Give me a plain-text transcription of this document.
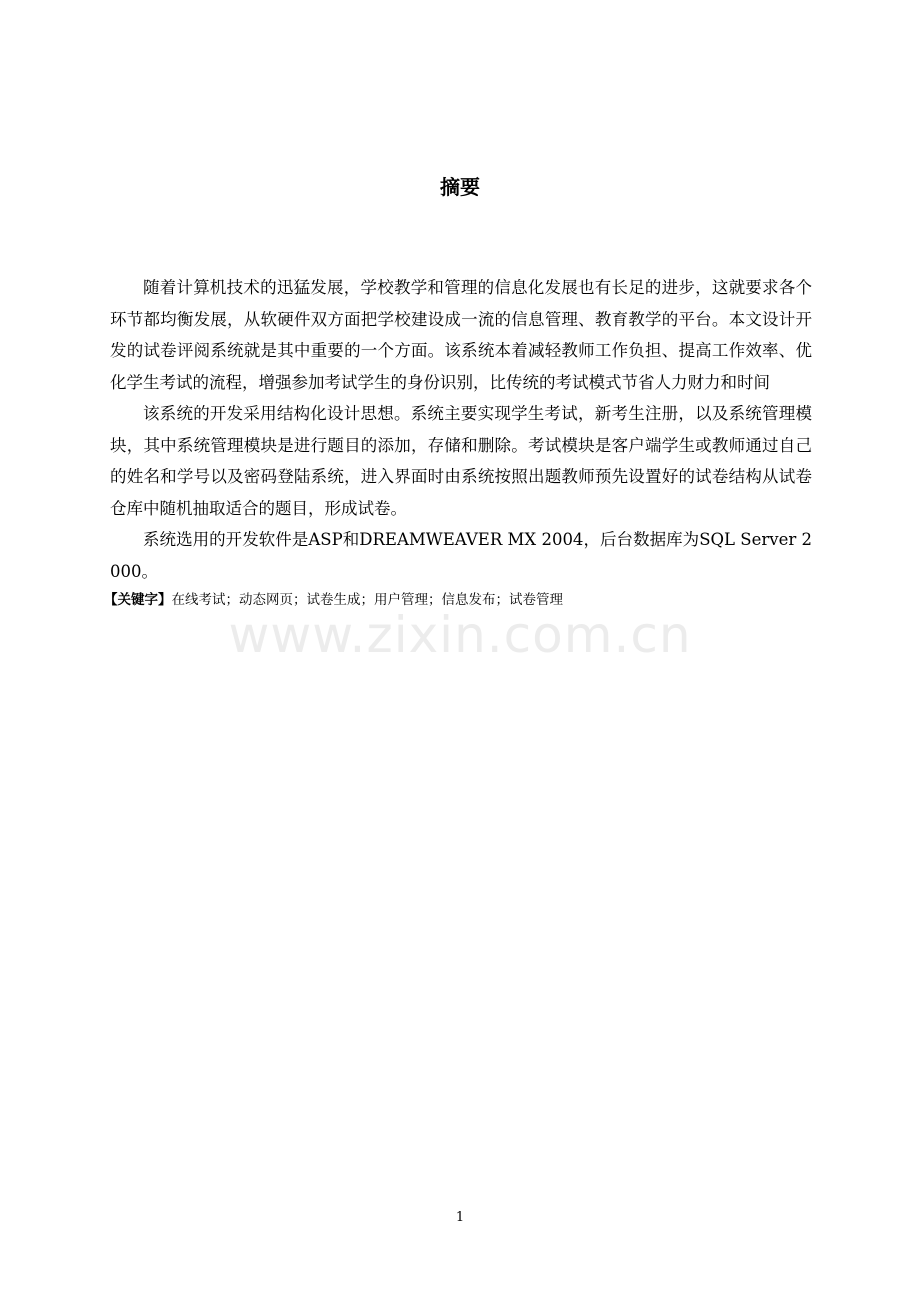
www.zixin.com.cn
摘要

随着计算机技术的迅猛发展，学校教学和管理的信息化发展也有长足的进步，这就要求各个环节都均衡发展，从软硬件双方面把学校建设成一流的信息管理、教育教学的平台。本文设计开发的试卷评阅系统就是其中重要的一个方面。该系统本着减轻教师工作负担、提高工作效率、优化学生考试的流程，增强参加考试学生的身份识别，比传统的考试模式节省人力财力和时间

该系统的开发采用结构化设计思想。系统主要实现学生考试，新考生注册，以及系统管理模块，其中系统管理模块是进行题目的添加，存储和删除。考试模块是客户端学生或教师通过自己的姓名和学号以及密码登陆系统，进入界面时由系统按照出题教师预先设置好的试卷结构从试卷仓库中随机抽取适合的题目，形成试卷。

系统选用的开发软件是ASP和DREAMWEAVER MX 2004，后台数据库为SQL Server 2000。

【关键字】在线考试；动态网页；试卷生成；用户管理；信息发布；试卷管理

1
